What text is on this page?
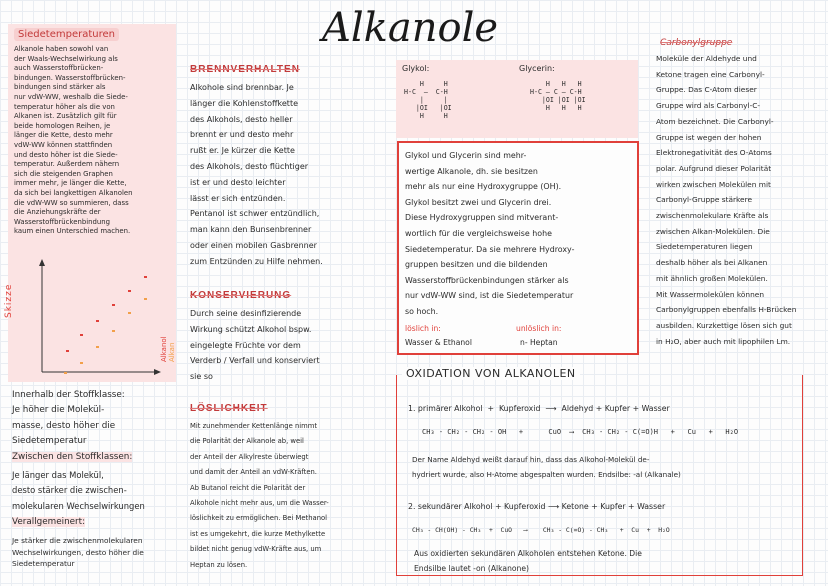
Alkanole
Siedetemperaturen
Alkanole haben sowohl van
der Waals-Wechselwirkung als
auch Wasserstoffbrücken-
bindungen. Wasserstoffbrücken-
bindungen sind stärker als
nur vdW-WW, weshalb die Siede-
temperatur höher als die von
Alkanen ist. Zusätzlich gilt für
beide homologen Reihen, je
länger die Kette, desto mehr
vdW-WW können stattfinden
und desto höher ist die Siede-
temperatur. Außerdem nähern
sich die steigenden Graphen
immer mehr, je länger die Kette,
da sich bei langkettigen Alkanolen
die vdW-WW so summieren, dass
die Anziehungskräfte der
Wasserstoffbrückenbindung
kaum einen Unterschied machen.
Skizze
Alkanol Alkan
Innerhalb der Stoffklasse:
Je höher die Molekül-
masse, desto höher die
Siedetemperatur
Zwischen den Stoffklassen:
Je länger das Molekül,
desto stärker die zwischen-
molekularen Wechselwirkungen
Verallgemeinert:
Je stärker die zwischenmolekularen
Wechselwirkungen, desto höher die
Siedetemperatur
BRENNVERHALTEN
Alkohole sind brennbar. Je
länger die Kohlenstoffkette
des Alkohols, desto heller
brennt er und desto mehr
rußt er. Je kürzer die Kette
des Alkohols, desto flüchtiger
ist er und desto leichter
lässt er sich entzünden.
Pentanol ist schwer entzündlich,
man kann den Bunsenbrenner
oder einen mobilen Gasbrenner
zum Entzünden zu Hilfe nehmen.
KONSERVIERUNG
Durch seine desinfizierende
Wirkung schützt Alkohol bspw.
eingelegte Früchte vor dem
Verderb / Verfall und konserviert
sie so
LÖSLICHKEIT
Mit zunehmender Kettenlänge nimmt
die Polarität der Alkanole ab, weil
der Anteil der Alkylreste überwiegt
und damit der Anteil an vdW-Kräften.
Ab Butanol reicht die Polarität der
Alkohole nicht mehr aus, um die Wasser-
löslichkeit zu ermöglichen. Bei Methanol
ist es umgekehrt, die kurze Methylkette
bildet nicht genug vdW-Kräfte aus, um
Heptan zu lösen.
Glykol:	Glycerin:
H     H
H-C  —  C-H
|     |
|OI   |OI
H     H
H   H   H
H-C — C — C-H
|OI |OI |OI
H   H   H
Glykol und Glycerin sind mehr-
wertige Alkanole, dh. sie besitzen
mehr als nur eine Hydroxygruppe (OH).
Glykol besitzt zwei und Glycerin drei.
Diese Hydroxygruppen sind mitverant-
wortlich für die vergleichsweise hohe
Siedetemperatur. Da sie mehrere Hydroxy-
gruppen besitzen und die bildenden
Wasserstoffbrückenbindungen stärker als
nur vdW-WW sind, ist die Siedetemperatur
so hoch.
löslich in:
Wasser & Ethanol
unlöslich in:
n- Heptan
Carbonylgruppe
Moleküle der Aldehyde und
Ketone tragen eine Carbonyl-
Gruppe. Das C-Atom dieser
Gruppe wird als Carbonyl-C-
Atom bezeichnet. Die Carbonyl-
Gruppe ist wegen der hohen
Elektronegativität des O-Atoms
polar. Aufgrund dieser Polarität
wirken zwischen Molekülen mit
Carbonyl-Gruppe stärkere
zwischenmolekulare Kräfte als
zwischen Alkan-Molekülen. Die
Siedetemperaturen liegen
deshalb höher als bei Alkanen
mit ähnlich großen Molekülen.
Mit Wassermolekülen können
Carbonylgruppen ebenfalls H-Brücken
ausbilden. Kurzkettige lösen sich gut
in H₂O, aber auch mit lipophilen Lm.
OXIDATION VON ALKANOLEN
1. primärer Alkohol  +  Kupferoxid  ⟶  Aldehyd + Kupfer + Wasser
CH₃ - CH₂ - CH₂ - OH   +      CuO  ⟶  CH₃ - CH₂ - C(=O)H   +   Cu   +   H₂O
Der Name Aldehyd weißt darauf hin, dass das Alkohol-Molekül de-
hydriert wurde, also H-Atome abgespalten wurden. Endsilbe: -al (Alkanale)
2. sekundärer Alkohol + Kupferoxid ⟶ Ketone + Kupfer + Wasser
CH₃ - CH(OH) - CH₃  +  CuO   ⟶    CH₃ - C(=O) - CH₃   +  Cu  +  H₂O
Aus oxidierten sekundären Alkoholen entstehen Ketone. Die
Endsilbe lautet -on (Alkanone)
